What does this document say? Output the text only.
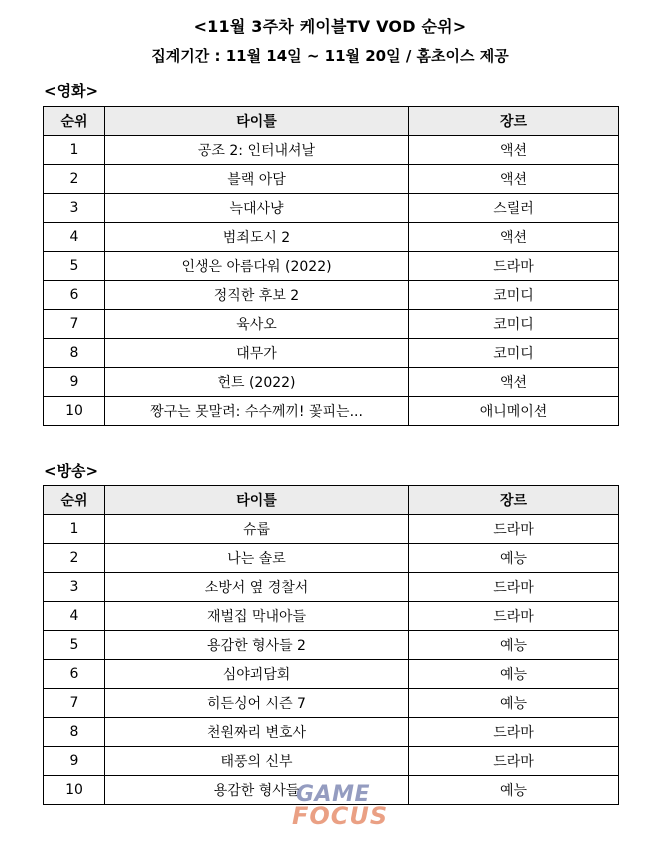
<11월 3주차 케이블TV VOD 순위>
집계기간 : 11월 14일 ~ 11월 20일 / 홈초이스 제공
<영화>
순위	타이틀	장르
1	공조 2: 인터내셔날	액션
2	블랙 아담	액션
3	늑대사냥	스릴러
4	범죄도시 2	액션
5	인생은 아름다워 (2022)	드라마
6	정직한 후보 2	코미디
7	육사오	코미디
8	대무가	코미디
9	헌트 (2022)	액션
10	짱구는 못말려: 수수께끼! 꽃피는...	애니메이션
<방송>
순위	타이틀	장르
1	슈룹	드라마
2	나는 솔로	예능
3	소방서 옆 경찰서	드라마
4	재벌집 막내아들	드라마
5	용감한 형사들 2	예능
6	심야괴담회	예능
7	히든싱어 시즌 7	예능
8	천원짜리 변호사	드라마
9	태풍의 신부	드라마
10	용감한 형사들	예능
GAME
FOCUS
